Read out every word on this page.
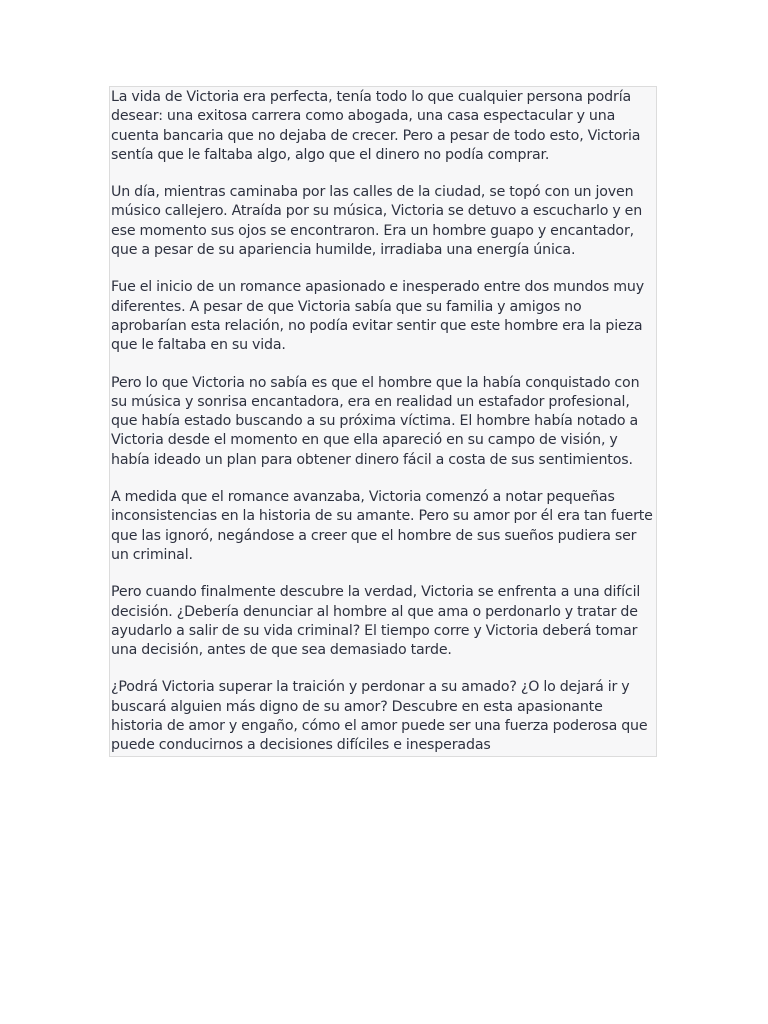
La vida de Victoria era perfecta, tenía todo lo que cualquier persona podría desear: una exitosa carrera como abogada, una casa espectacular y una cuenta bancaria que no dejaba de crecer. Pero a pesar de todo esto, Victoria sentía que le faltaba algo, algo que el dinero no podía comprar.

Un día, mientras caminaba por las calles de la ciudad, se topó con un joven músico callejero. Atraída por su música, Victoria se detuvo a escucharlo y en ese momento sus ojos se encontraron. Era un hombre guapo y encantador, que a pesar de su apariencia humilde, irradiaba una energía única.

Fue el inicio de un romance apasionado e inesperado entre dos mundos muy diferentes. A pesar de que Victoria sabía que su familia y amigos no aprobarían esta relación, no podía evitar sentir que este hombre era la pieza que le faltaba en su vida.

Pero lo que Victoria no sabía es que el hombre que la había conquistado con su música y sonrisa encantadora, era en realidad un estafador profesional, que había estado buscando a su próxima víctima. El hombre había notado a Victoria desde el momento en que ella apareció en su campo de visión, y había ideado un plan para obtener dinero fácil a costa de sus sentimientos.

A medida que el romance avanzaba, Victoria comenzó a notar pequeñas inconsistencias en la historia de su amante. Pero su amor por él era tan fuerte que las ignoró, negándose a creer que el hombre de sus sueños pudiera ser un criminal.

Pero cuando finalmente descubre la verdad, Victoria se enfrenta a una difícil decisión. ¿Debería denunciar al hombre al que ama o perdonarlo y tratar de ayudarlo a salir de su vida criminal? El tiempo corre y Victoria deberá tomar una decisión, antes de que sea demasiado tarde.

¿Podrá Victoria superar la traición y perdonar a su amado? ¿O lo dejará ir y buscará alguien más digno de su amor? Descubre en esta apasionante historia de amor y engaño, cómo el amor puede ser una fuerza poderosa que puede conducirnos a decisiones difíciles e inesperadas
